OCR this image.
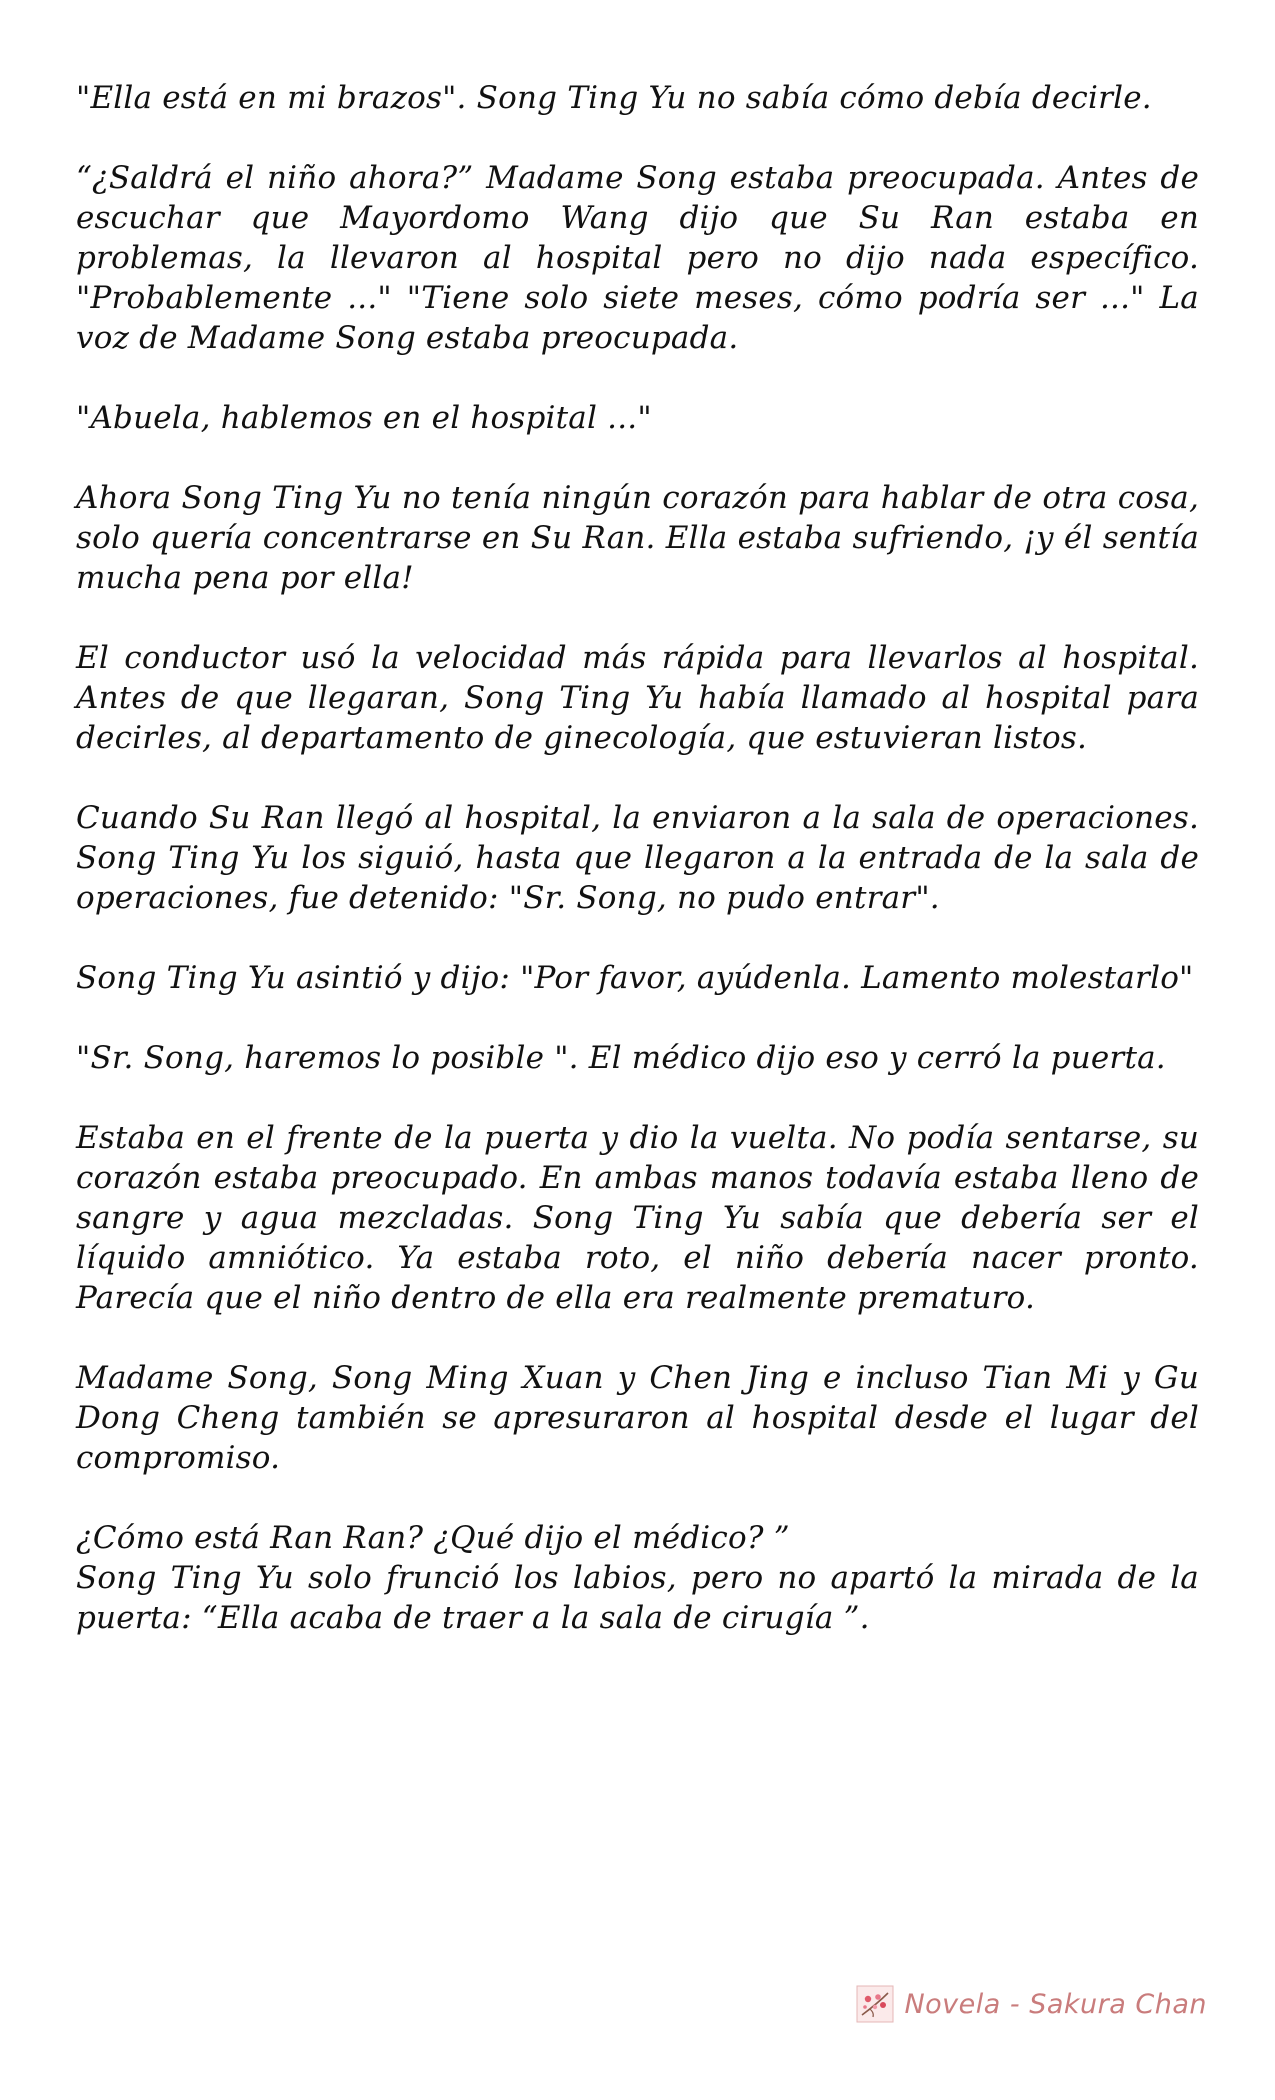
"Ella está en mi brazos". Song Ting Yu no sabía cómo debía decirle.

“¿Saldrá el niño ahora?” Madame Song estaba preocupada. Antes de escuchar que Mayordomo Wang dijo que Su Ran estaba en problemas, la llevaron al hospital pero no dijo nada específico. "Probablemente ..." "Tiene solo siete meses, cómo podría ser ..." La voz de Madame Song estaba preocupada.

"Abuela, hablemos en el hospital ..."

Ahora Song Ting Yu no tenía ningún corazón para hablar de otra cosa, solo quería concentrarse en Su Ran. Ella estaba sufriendo, ¡y él sentía mucha pena por ella!

El conductor usó la velocidad más rápida para llevarlos al hospital. Antes de que llegaran, Song Ting Yu había llamado al hospital para decirles, al departamento de ginecología, que estuvieran listos.

Cuando Su Ran llegó al hospital, la enviaron a la sala de operaciones. Song Ting Yu los siguió, hasta que llegaron a la entrada de la sala de operaciones, fue detenido: "Sr. Song, no pudo entrar".

Song Ting Yu asintió y dijo: "Por favor, ayúdenla. Lamento molestarlo"

"Sr. Song, haremos lo posible ". El médico dijo eso y cerró la puerta.

Estaba en el frente de la puerta y dio la vuelta. No podía sentarse, su corazón estaba preocupado. En ambas manos todavía estaba lleno de sangre y agua mezcladas. Song Ting Yu sabía que debería ser el líquido amniótico. Ya estaba roto, el niño debería nacer pronto. Parecía que el niño dentro de ella era realmente prematuro.

Madame Song, Song Ming Xuan y Chen Jing e incluso Tian Mi y Gu Dong Cheng también se apresuraron al hospital desde el lugar del compromiso.

¿Cómo está Ran Ran? ¿Qué dijo el médico? ”

Song Ting Yu solo frunció los labios, pero no apartó la mirada de la puerta: “Ella acaba de traer a la sala de cirugía ”.

Novela - Sakura Chan
